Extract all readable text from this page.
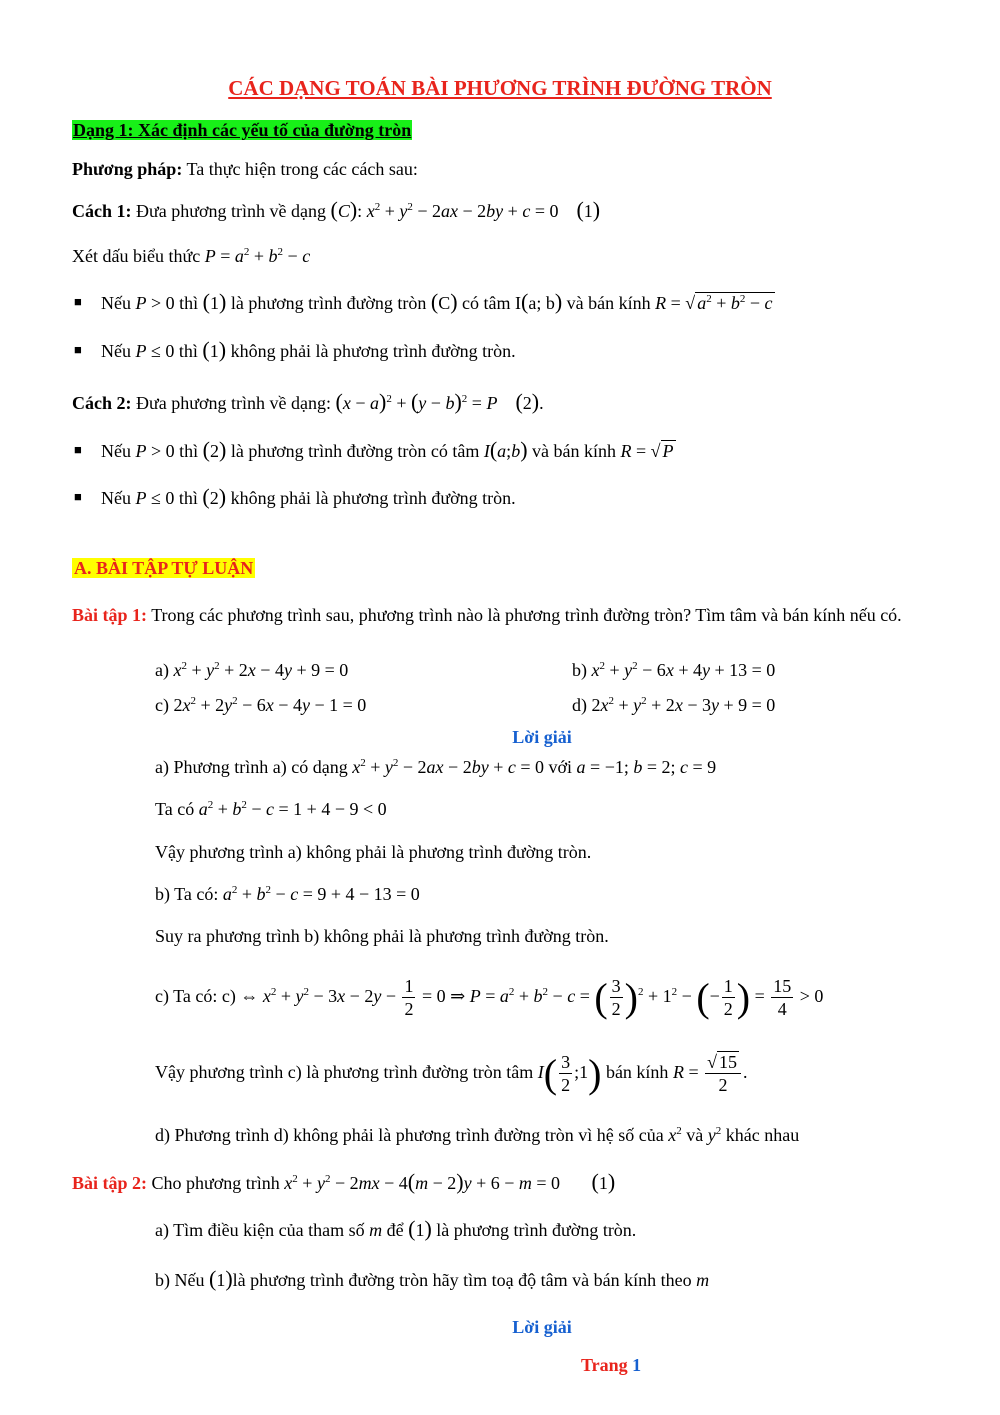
CÁC DẠNG TOÁN BÀI PHƯƠNG TRÌNH ĐƯỜNG TRÒN
Dạng 1: Xác định các yếu tố của đường tròn
Phương pháp: Ta thực hiện trong các cách sau:
Cách 1: Đưa phương trình về dạng (C): $x^2 + y^2 - 2ax - 2by + c = 0$    (1)
Xét dấu biểu thức $P = a^2 + b^2 - c$
■ Nếu P > 0 thì (1) là phương trình đường tròn (C) có tâm I(a; b) và bán kính R = √ $a^2 + b^2 - c$
■ Nếu P ≤ 0 thì (1) không phải là phương trình đường tròn.
Cách 2: Đưa phương trình về dạng: $(x - a)^2 + (y - b)^2 = P$ (2).
■ Nếu P > 0 thì (2) là phương trình đường tròn có tâm I(a;b) và bán kính R = √ P
■ Nếu P ≤ 0 thì (2) không phải là phương trình đường tròn.
A. BÀI TẬP TỰ LUẬN
Bài tập 1: Trong các phương trình sau, phương trình nào là phương trình đường tròn? Tìm tâm và bán kính nếu có.
a) $x^2 + y^2 + 2x - 4y + 9 = 0$	b) $x^2 + y^2 - 6x + 4y + 13 = 0$
c) $2x^2 + 2y^2 - 6x - 4y - 1 = 0$	d) $2x^2 + y^2 + 2x - 3y + 9 = 0$
Lời giải
a) Phương trình a) có dạng $x^2 + y^2 - 2ax - 2by + c = 0$ với a = −1; b = 2; c = 9
Ta có $a^2 + b^2 - c = 1 + 4 - 9 < 0$
Vậy phương trình a) không phải là phương trình đường tròn.
b) Ta có: $a^2 + b^2 - c = 9 + 4 - 13 = 0$
Suy ra phương trình b) không phải là phương trình đường tròn.
c) Ta có: c) ⇔ $x^2 + y^2 - 3x - 2y - \frac{1}{2} = 0$ ⇒ $P = a^2 + b^2 - c$ = ( $\frac{3}{2} )^2 + 1^2$ − (− $\frac{1}{2}$ ) = $\frac{15}{4} > 0$
Vậy phương trình c) là phương trình đường tròn tâm $I( \frac{3}{2}$ ;1) bán kính $R = \frac{√ 15}{2}$ .
d) Phương trình d) không phải là phương trình đường tròn vì hệ số của $x^2$ và $y^2$ khác nhau
Bài tập 2: Cho phương trình $x^2 + y^2 - 2mx - 4(m - 2)y + 6 - m = 0$       (1)
a) Tìm điều kiện của tham số m để (1) là phương trình đường tròn.
b) Nếu (1)là phương trình đường tròn hãy tìm toạ độ tâm và bán kính theo m
Lời giải
Trang 1
